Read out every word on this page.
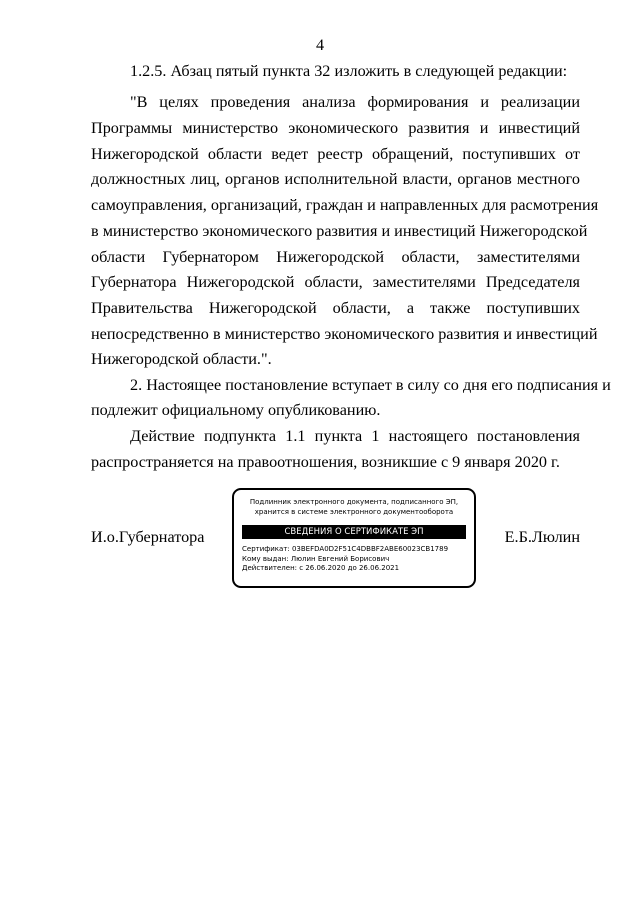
4
1.2.5. Абзац пятый пункта 32 изложить в следующей редакции:
"В целях проведения анализа формирования и реализации
Программы министерство экономического развития и инвестиций
Нижегородской области ведет реестр обращений, поступивших от
должностных лиц, органов исполнительной власти, органов местного
самоуправления, организаций, граждан и направленных для расмотрения
в министерство экономического развития и инвестиций Нижегородской
области Губернатором Нижегородской области, заместителями
Губернатора Нижегородской области, заместителями Председателя
Правительства Нижегородской области, а также поступивших
непосредственно в министерство экономического развития и инвестиций
Нижегородской области.".
2. Настоящее постановление вступает в силу со дня его подписания и
подлежит официальному опубликованию.
Действие подпункта 1.1 пункта 1 настоящего постановления
распространяется на правоотношения, возникшие с 9 января 2020 г.
И.о.Губернатора	Е.Б.Люлин
Подлинник электронного документа, подписанного ЭП,
хранится в системе электронного документооборота
СВЕДЕНИЯ О СЕРТИФИКАТЕ ЭП
Сертификат: 03BEFDA0D2F51C4DBBF2ABE60023CB1789
Кому выдан: Люлин Евгений Борисович
Действителен: с 26.06.2020 до 26.06.2021
